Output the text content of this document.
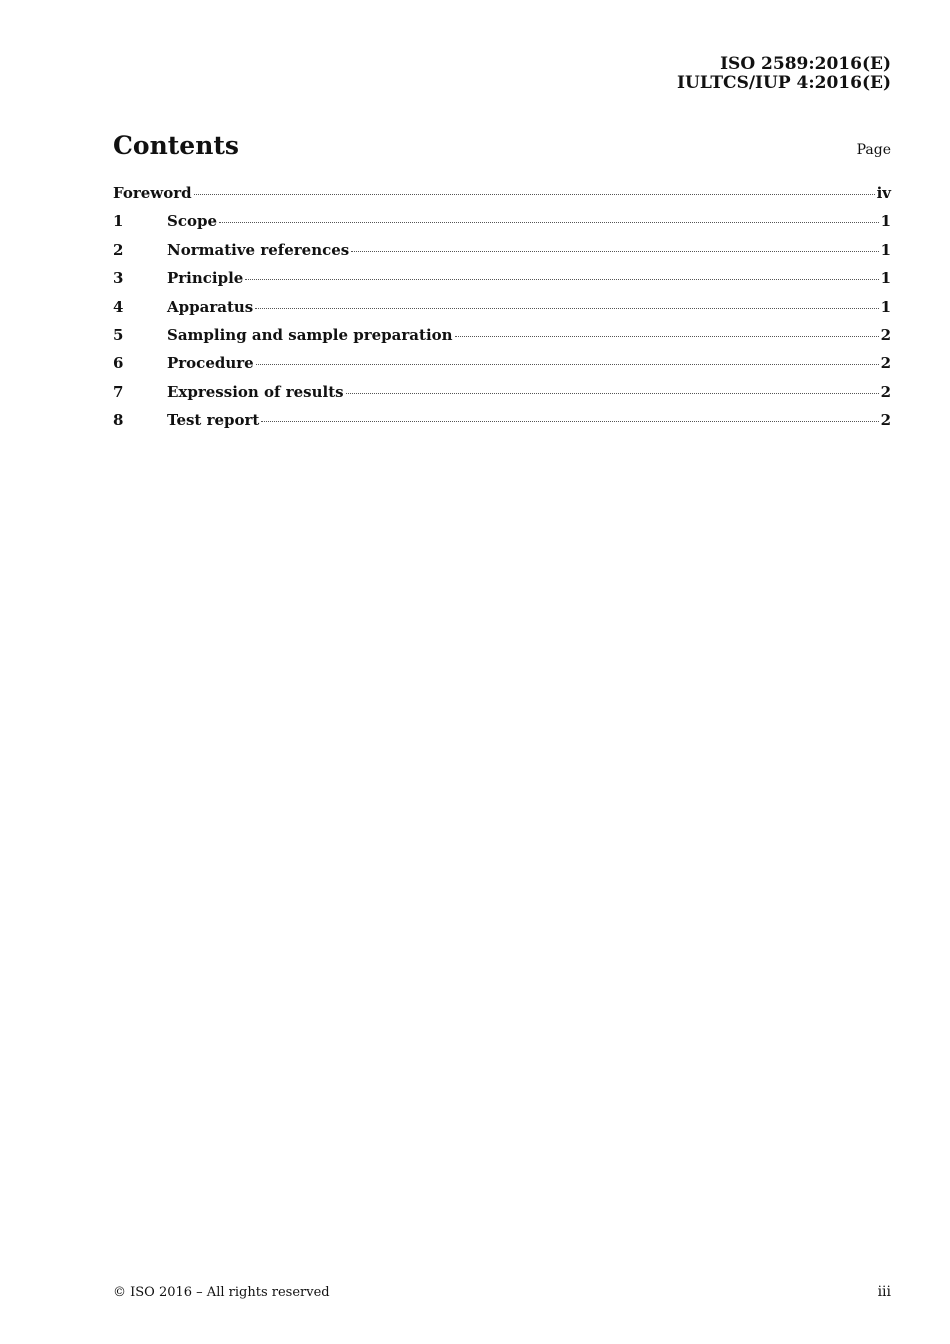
ISO 2589:2016(E)
IULTCS/IUP 4:2016(E)
Contents	Page
Foreword	iv
1	Scope	1
2	Normative references	1
3	Principle	1
4	Apparatus	1
5	Sampling and sample preparation	2
6	Procedure	2
7	Expression of results	2
8	Test report	2
© ISO 2016 – All rights reserved	iii
